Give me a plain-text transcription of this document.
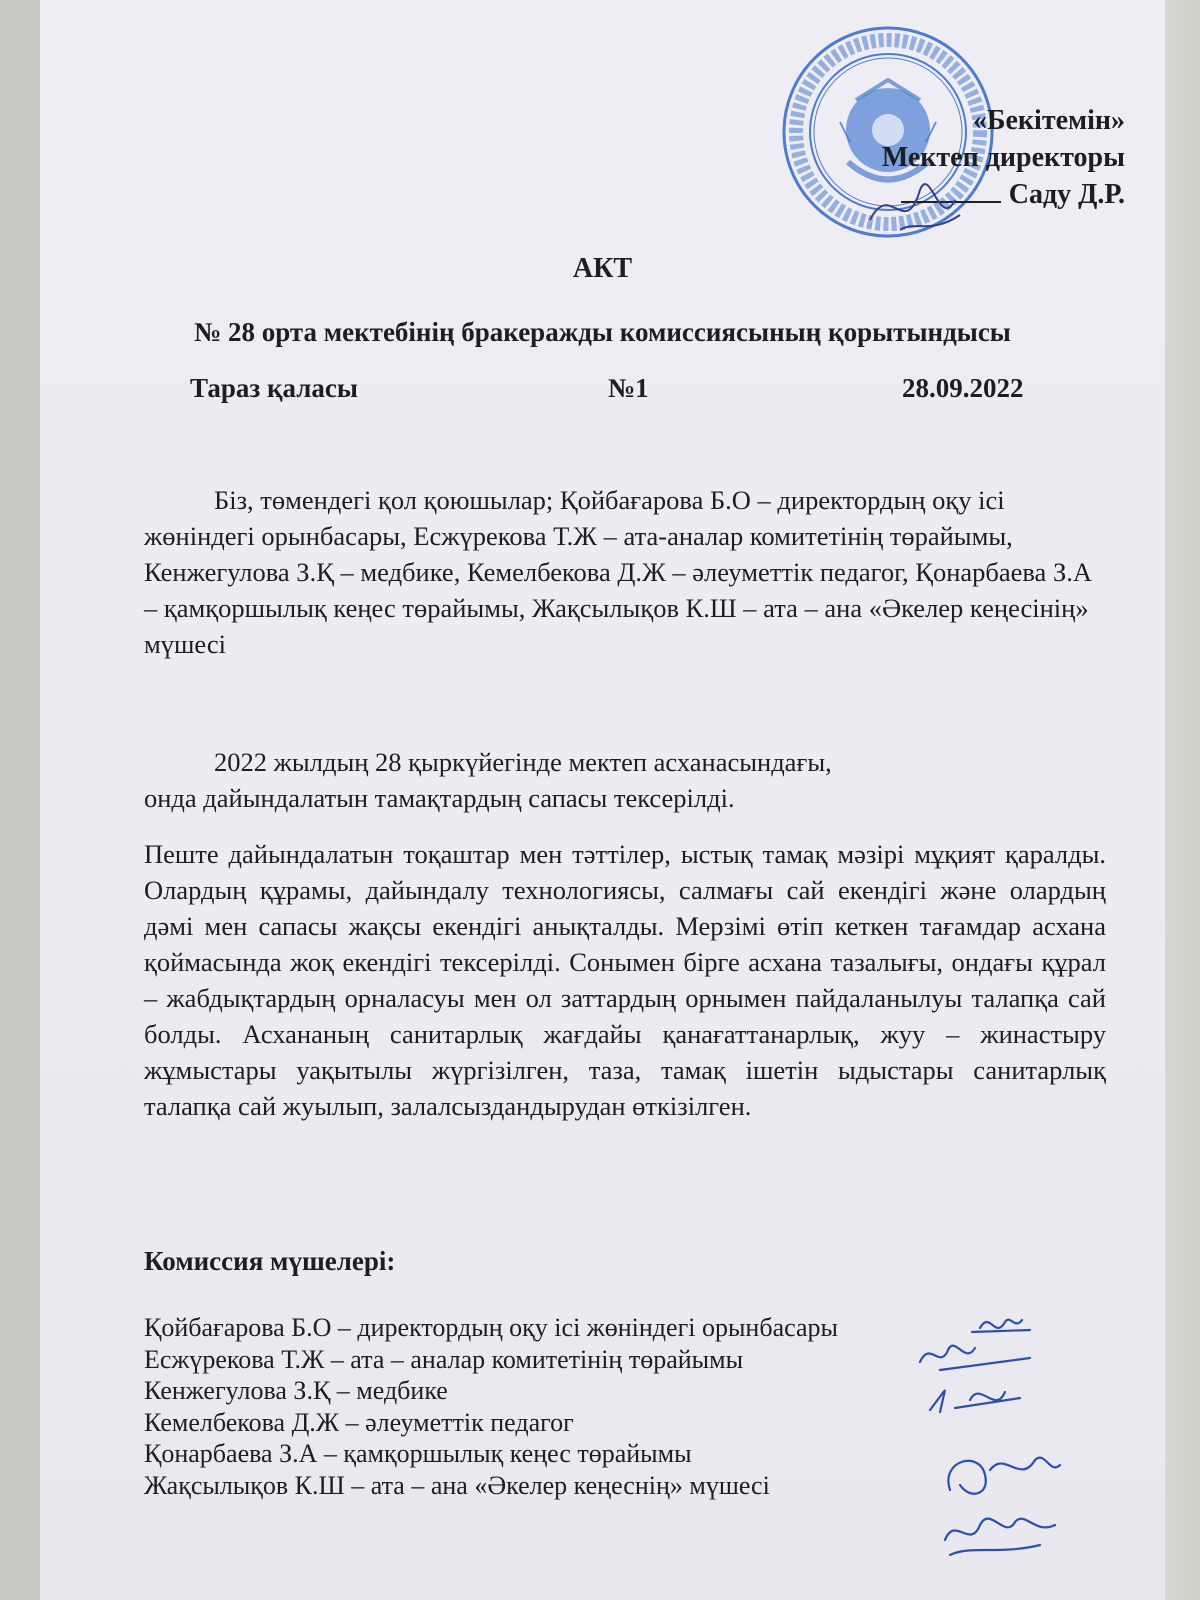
«Бекітемін»
Мектеп директоры
Саду Д.Р.
АКТ
№ 28 орта мектебінің бракеражды комиссиясының қорытындысы
Тараз қаласы	№1	28.09.2022

Біз, төмендегі қол қоюшылар; Қойбағарова Б.О – директордың оқу ісі жөніндегі орынбасары, Есжүрекова Т.Ж – ата-аналар комитетінің төрайымы, Кенжегулова З.Қ – медбике, Кемелбекова Д.Ж – әлеуметтік педагог, Қонарбаева З.А – қамқоршылық кеңес төрайымы, Жақсылықов К.Ш – ата – ана «Әкелер кеңесінің» мүшесі

2022 жылдың 28 қыркүйегінде мектеп асханасындағы, онда дайындалатын тамақтардың сапасы тексерілді.

Пеште дайындалатын тоқаштар мен тәттілер, ыстық тамақ мәзірі мұқият қаралды. Олардың құрамы, дайындалу технологиясы, салмағы сай екендігі және олардың дәмі мен сапасы жақсы екендігі анықталды. Мерзімі өтіп кеткен тағамдар асхана қоймасында жоқ екендігі тексерілді. Сонымен бірге асхана тазалығы, ондағы құрал – жабдықтардың орналасуы мен ол заттардың орнымен пайдаланылуы талапқа сай болды. Асхананың санитарлық жағдайы қанағаттанарлық, жуу – жинастыру жұмыстары уақытылы жүргізілген, таза, тамақ ішетін ыдыстары санитарлық талапқа сай жуылып, залалсыздандырудан өткізілген.

Комиссия мүшелері:
Қойбағарова Б.О – директордың оқу ісі жөніндегі орынбасары
Есжүрекова Т.Ж – ата – аналар комитетінің төрайымы
Кенжегулова З.Қ – медбике
Кемелбекова Д.Ж – әлеуметтік педагог
Қонарбаева З.А – қамқоршылық кеңес төрайымы
Жақсылықов К.Ш – ата – ана «Әкелер кеңеснің» мүшесі
